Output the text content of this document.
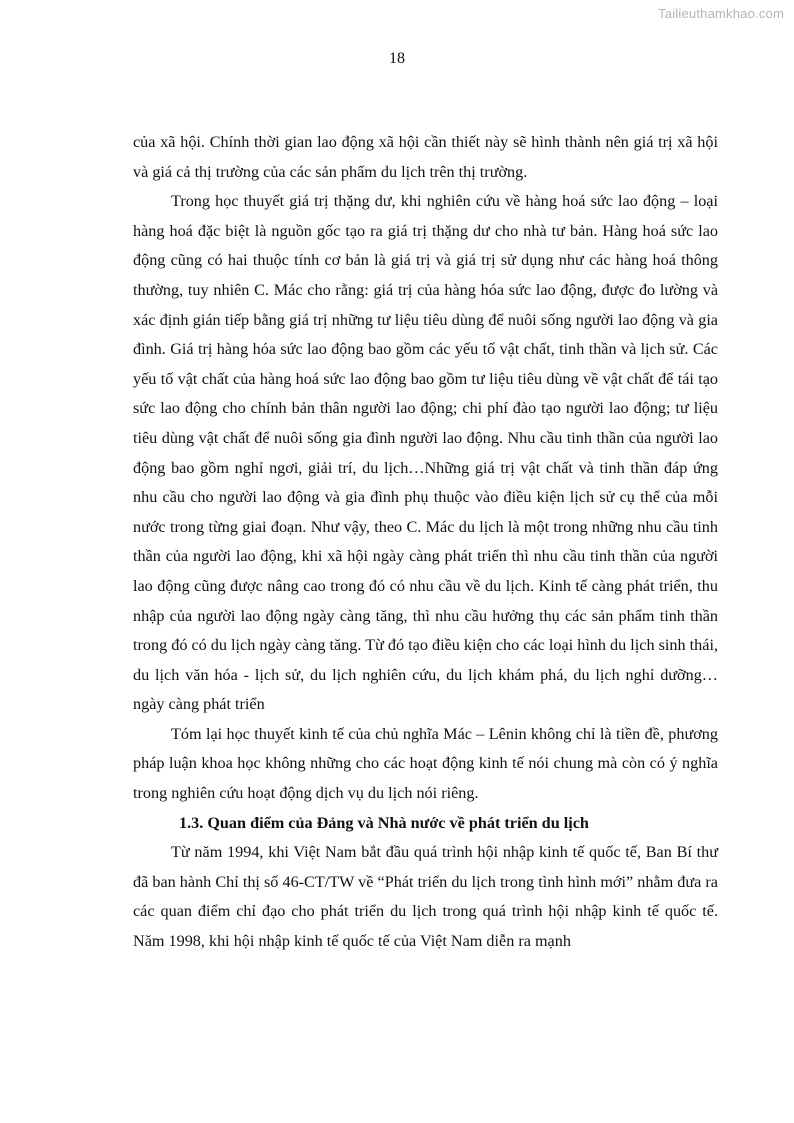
Tailieuthamkhao.com
18

của xã hội. Chính thời gian lao động xã hội cần thiết này sẽ hình thành nên giá trị xã hội và giá cả thị trường của các sản phẩm du lịch trên thị trường.

Trong học thuyết giá trị thặng dư, khi nghiên cứu về hàng hoá sức lao động – loại hàng hoá đặc biệt là nguồn gốc tạo ra giá trị thặng dư cho nhà tư bản. Hàng hoá sức lao động cũng có hai thuộc tính cơ bản là giá trị và giá trị sử dụng như các hàng hoá thông thường, tuy nhiên C. Mác cho rằng: giá trị của hàng hóa sức lao động, được đo lường và xác định gián tiếp bằng giá trị những tư liệu tiêu dùng để nuôi sống người lao động và gia đình. Giá trị hàng hóa sức lao động bao gồm các yếu tố vật chất, tinh thần và lịch sử. Các yếu tố vật chất của hàng hoá sức lao động bao gồm tư liệu tiêu dùng về vật chất để tái tạo sức lao động cho chính bản thân người lao động; chi phí đào tạo người lao động; tư liệu tiêu dùng vật chất để nuôi sống gia đình người lao động. Nhu cầu tinh thần của người lao động bao gồm nghỉ ngơi, giải trí, du lịch…Những giá trị vật chất và tinh thần đáp ứng nhu cầu cho người lao động và gia đình phụ thuộc vào điều kiện lịch sử cụ thể của mỗi nước trong từng giai đoạn. Như vậy, theo C. Mác du lịch là một trong những nhu cầu tinh thần của người lao động, khi xã hội ngày càng phát triển thì nhu cầu tinh thần của người lao động cũng được nâng cao trong đó có nhu cầu về du lịch. Kinh tế càng phát triển, thu nhập của người lao động ngày càng tăng, thì nhu cầu hưởng thụ các sản phẩm tinh thần trong đó có du lịch ngày càng tăng. Từ đó tạo điều kiện cho các loại hình du lịch sinh thái, du lịch văn hóa - lịch sử, du lịch nghiên cứu, du lịch khám phá, du lịch nghỉ dưỡng… ngày càng phát triển

Tóm lại học thuyết kinh tế của chủ nghĩa Mác – Lênin không chỉ là tiền đề, phương pháp luận khoa học không những cho các hoạt động kinh tế nói chung mà còn có ý nghĩa trong nghiên cứu hoạt động dịch vụ du lịch nói riêng.

1.3. Quan điểm của Đảng và Nhà nước về phát triển du lịch

Từ năm 1994, khi Việt Nam bắt đầu quá trình hội nhập kinh tế quốc tế, Ban Bí thư đã ban hành Chỉ thị số 46-CT/TW về “Phát triển du lịch trong tình hình mới” nhằm đưa ra các quan điểm chỉ đạo cho phát triển du lịch trong quá trình hội nhập kinh tế quốc tế. Năm 1998, khi hội nhập kinh tế quốc tế của Việt Nam diễn ra mạnh
